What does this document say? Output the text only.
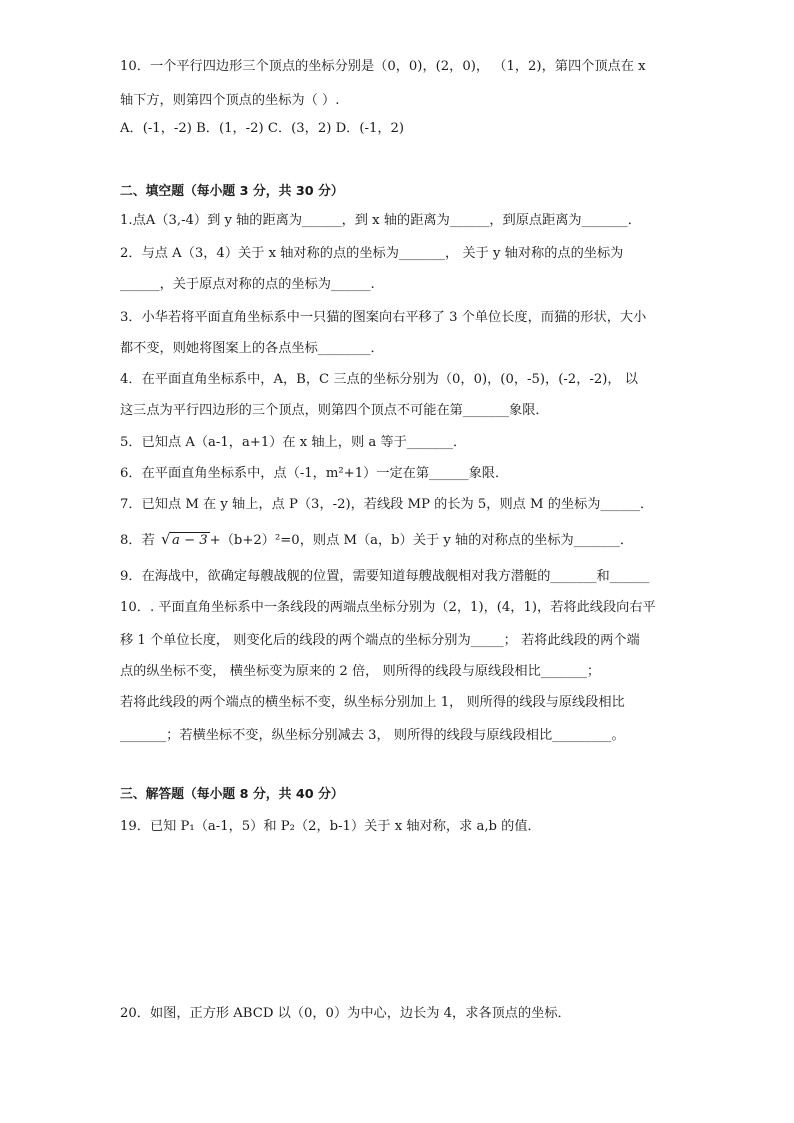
10．一个平行四边形三个顶点的坐标分别是（0，0)，(2，0)， （1，2)，第四个顶点在 x
轴下方，则第四个顶点的坐标为（ ）.
A．(-1，-2) B．(1，-2) C．(3，2) D．(-1，2)
二、填空题（每小题 3 分，共 30 分）
1.点A（3,-4）到 y 轴的距离为______，到 x 轴的距离为______，到原点距离为_______．
2．与点 A（3，4）关于 x 轴对称的点的坐标为_______， 关于 y 轴对称的点的坐标为
______，关于原点对称的点的坐标为______.
3．小华若将平面直角坐标系中一只猫的图案向右平移了 3 个单位长度，而猫的形状，大小
都不变，则她将图案上的各点坐标________．
4．在平面直角坐标系中，A，B，C 三点的坐标分别为（0，0)，(0，-5)，(-2，-2)， 以
这三点为平行四边形的三个顶点，则第四个顶点不可能在第_______象限．
5．已知点 A（a-1，a+1）在 x 轴上，则 a 等于_______．
6．在平面直角坐标系中，点（-1，m²+1）一定在第______象限．
7．已知点 M 在 y 轴上，点 P（3，-2)，若线段 MP 的长为 5，则点 M 的坐标为______．
8．若 √ a − 3 +（b+2）²=0，则点 M（a，b）关于 y 轴的对称点的坐标为_______．
9．在海战中，欲确定每艘战舰的位置，需要知道每艘战舰相对我方潜艇的_______和______
10．. 平面直角坐标系中一条线段的两端点坐标分别为（2，1)，(4，1)，若将此线段向右平
移 1 个单位长度， 则变化后的线段的两个端点的坐标分别为_____； 若将此线段的两个端
点的纵坐标不变， 横坐标变为原来的 2 倍， 则所得的线段与原线段相比_______；
若将此线段的两个端点的横坐标不变，纵坐标分别加上 1， 则所得的线段与原线段相比
_______；若横坐标不变，纵坐标分别减去 3， 则所得的线段与原线段相比_________。
三、解答题（每小题 8 分，共 40 分）
19．已知 P₁（a-1，5）和 P₂（2，b-1）关于 x 轴对称，求 a,b 的值．
20．如图，正方形 ABCD 以（0，0）为中心，边长为 4，求各顶点的坐标．
